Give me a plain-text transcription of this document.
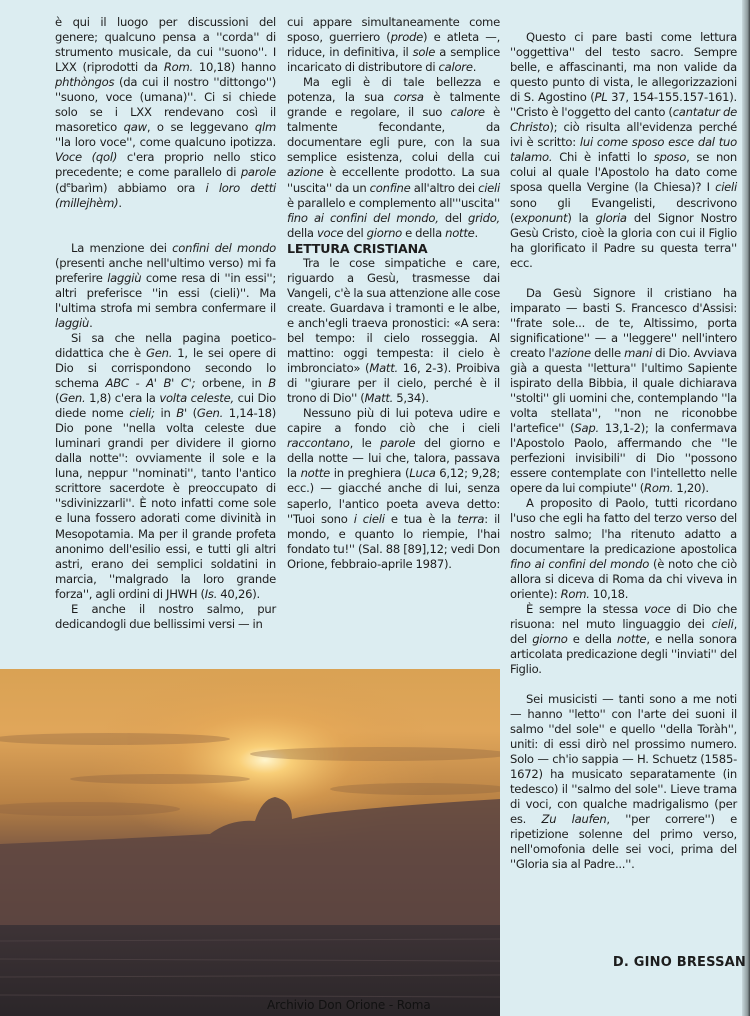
è qui il luogo per discussioni del genere; qualcuno pensa a ''corda'' di strumento musicale, da cui ''suono''. I LXX (riprodotti da Rom. 10,18) hanno phthòngos (da cui il nostro ''dittongo'') ''suono, voce (umana)''. Ci si chiede solo se i LXX rendevano così il masoretico qaw, o se leggevano qlm ''la loro voce'', come qualcuno ipotizza. Voce (qol) c'era proprio nello stico precedente; e come parallelo di parole $(d^ebarìm)$ abbiamo ora i loro detti (millejhèm).

La menzione dei confini del mondo (presenti anche nell'ultimo verso) mi fa preferire laggiù come resa di ''in essi''; altri preferisce ''in essi (cieli)''. Ma l'ultima strofa mi sembra confermare il laggiù.

Si sa che nella pagina poetico-didattica che è Gen. 1, le sei opere di Dio si corrispondono secondo lo schema ABC - A' B' C'; orbene, in B (Gen. 1,8) c'era la volta celeste, cui Dio diede nome cieli; in B' (Gen. 1,14-18) Dio pone ''nella volta celeste due luminari grandi per dividere il giorno dalla notte'': ovviamente il sole e la luna, neppur ''nominati'', tanto l'antico scrittore sacerdote è preoccupato di ''sdivinizzarli''. È noto infatti come sole e luna fossero adorati come divinità in Mesopotamia. Ma per il grande profeta anonimo dell'esilio essi, e tutti gli altri astri, erano dei semplici soldatini in marcia, ''malgrado la loro grande forza'', agli ordini di JHWH (Is. 40,26).

E anche il nostro salmo, pur dedicandogli due bellissimi versi — in

cui appare simultaneamente come sposo, guerriero (prode) e atleta —, riduce, in definitiva, il sole a semplice incaricato di distributore di calore.

Ma egli è di tale bellezza e potenza, la sua corsa è talmente grande e regolare, il suo calore è talmente fecondante, da documentare egli pure, con la sua semplice esistenza, colui della cui azione è eccellente prodotto. La sua ''uscita'' da un confine all'altro dei cieli è parallelo e complemento all'''uscita'' fino ai confini del mondo, del grido, della voce del giorno e della notte.

LETTURA CRISTIANA

Tra le cose simpatiche e care, riguardo a Gesù, trasmesse dai Vangeli, c'è la sua attenzione alle cose create. Guardava i tramonti e le albe, e anch'egli traeva pronostici: «A sera: bel tempo: il cielo rosseggia. Al mattino: oggi tempesta: il cielo è imbronciato» (Matt. 16, 2-3). Proibiva di ''giurare per il cielo, perché è il trono di Dio'' (Matt. 5,34).

Nessuno più di lui poteva udire e capire a fondo ciò che i cieli raccontano, le parole del giorno e della notte — lui che, talora, passava la notte in preghiera (Luca 6,12; 9,28; ecc.) — giacché anche di lui, senza saperlo, l'antico poeta aveva detto: ''Tuoi sono i cieli e tua è la terra: il mondo, e quanto lo riempie, l'hai fondato tu!'' (Sal. 88 [89],12; vedi Don Orione, febbraio-aprile 1987).

Questo ci pare basti come lettura ''oggettiva'' del testo sacro. Sempre belle, e affascinanti, ma non valide da questo punto di vista, le allegorizzazioni di S. Agostino (PL 37, 154-155.157-161). ''Cristo è l'oggetto del canto (cantatur de Christo); ciò risulta all'evidenza perché ivi è scritto: lui come sposo esce dal tuo talamo. Chi è infatti lo sposo, se non colui al quale l'Apostolo ha dato come sposa quella Vergine (la Chiesa)? I cieli sono gli Evangelisti, descrivono (exponunt) la gloria del Signor Nostro Gesù Cristo, cioè la gloria con cui il Figlio ha glorificato il Padre su questa terra'' ecc.

Da Gesù Signore il cristiano ha imparato — basti S. Francesco d'Assisi: ''frate sole... de te, Altissimo, porta significatione'' — a ''leggere'' nell'intero creato l'azione delle mani di Dio. Avviava già a questa ''lettura'' l'ultimo Sapiente ispirato della Bibbia, il quale dichiarava ''stolti'' gli uomini che, contemplando ''la volta stellata'', ''non ne riconobbe l'artefice'' (Sap. 13,1-2); la confermava l'Apostolo Paolo, affermando che ''le perfezioni invisibili'' di Dio ''possono essere contemplate con l'intelletto nelle opere da lui compiute'' (Rom. 1,20).

A proposito di Paolo, tutti ricordano l'uso che egli ha fatto del terzo verso del nostro salmo; l'ha ritenuto adatto a documentare la predicazione apostolica fino ai confini del mondo (è noto che ciò allora si diceva di Roma da chi viveva in oriente): Rom. 10,18.

È sempre la stessa voce di Dio che risuona: nel muto linguaggio dei cieli, del giorno e della notte, e nella sonora articolata predicazione degli ''inviati'' del Figlio.

Sei musicisti — tanti sono a me noti — hanno ''letto'' con l'arte dei suoni il salmo ''del sole'' e quello ''della Toràh'', uniti: di essi dirò nel prossimo numero. Solo — ch'io sappia — H. Schuetz (1585-1672) ha musicato separatamente (in tedesco) il ''salmo del sole''. Lieve trama di voci, con qualche madrigalismo (per es. Zu laufen, ''per correre'') e ripetizione solenne del primo verso, nell'omofonia delle sei voci, prima del ''Gloria sia al Padre...''.

D. GINO BRESSAN
Archivio Don Orione - Roma
